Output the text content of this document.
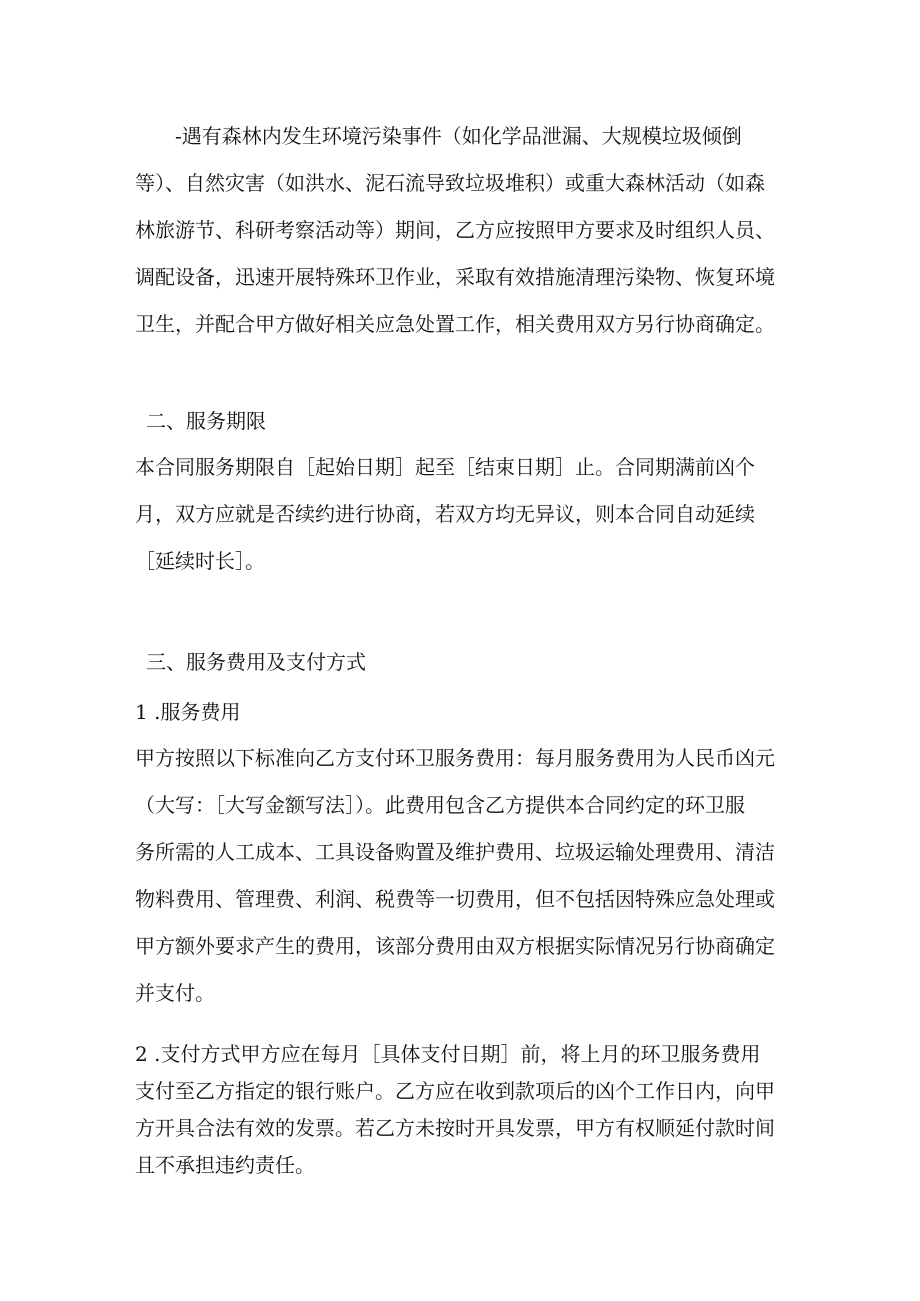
-遇有森林内发生环境污染事件（如化学品泄漏、大规模垃圾倾倒
等）、自然灾害（如洪水、泥石流导致垃圾堆积）或重大森林活动（如森
林旅游节、科研考察活动等）期间，乙方应按照甲方要求及时组织人员、
调配设备，迅速开展特殊环卫作业，采取有效措施清理污染物、恢复环境
卫生，并配合甲方做好相关应急处置工作，相关费用双方另行协商确定。
二、服务期限
本合同服务期限自［起始日期］起至［结束日期］止。合同期满前凶个
月，双方应就是否续约进行协商，若双方均无异议，则本合同自动延续
［延续时长］。
三、服务费用及支付方式
1 .服务费用
甲方按照以下标准向乙方支付环卫服务费用：每月服务费用为人民币凶元
（大写：［大写金额写法］）。此费用包含乙方提供本合同约定的环卫服
务所需的人工成本、工具设备购置及维护费用、垃圾运输处理费用、清洁
物料费用、管理费、利润、税费等一切费用，但不包括因特殊应急处理或
甲方额外要求产生的费用，该部分费用由双方根据实际情况另行协商确定
并支付。
2 .支付方式甲方应在每月［具体支付日期］前，将上月的环卫服务费用
支付至乙方指定的银行账户。乙方应在收到款项后的凶个工作日内，向甲
方开具合法有效的发票。若乙方未按时开具发票，甲方有权顺延付款时间
且不承担违约责任。
